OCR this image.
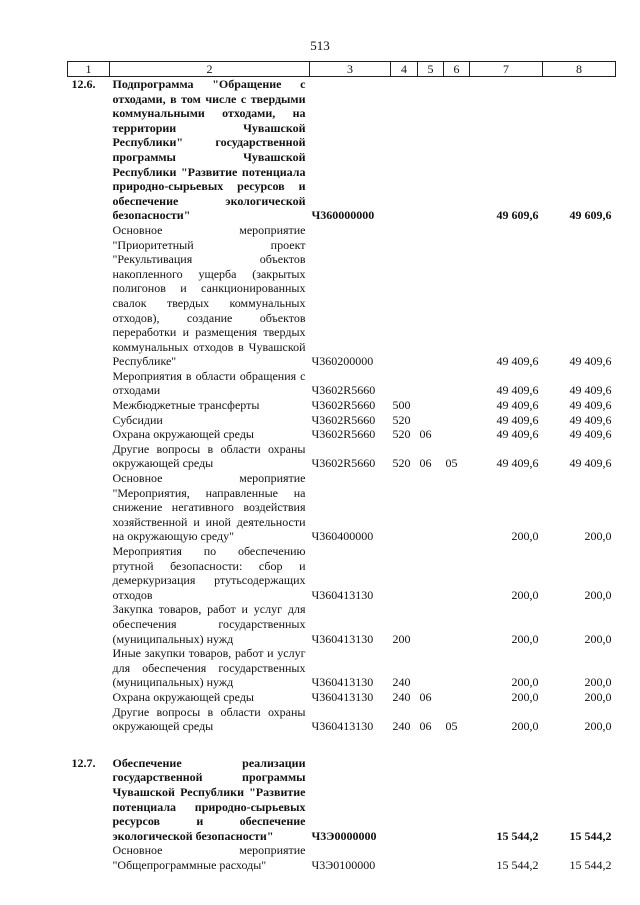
513
1	2	3	4	5	6	7	8
12.6.	Подпрограмма "Обращение с отходами, в том числе с твердыми коммунальными отходами, на территории Чувашской Республики" государственной программы Чувашской Республики "Развитие потенциала природно-сырьевых ресурсов и обеспечение экологической безопасности"	Ч360000000				49 609,6	49 609,6
	Основное мероприятие "Приоритетный проект "Рекультивация объектов накопленного ущерба (закрытых полигонов и санкционированных свалок твердых коммунальных отходов), создание объектов переработки и размещения твердых коммунальных отходов в Чувашской Республике"	Ч360200000				49 409,6	49 409,6
	Мероприятия в области обращения с отходами	Ч3602R5660				49 409,6	49 409,6
	Межбюджетные трансферты	Ч3602R5660	500			49 409,6	49 409,6
	Субсидии	Ч3602R5660	520			49 409,6	49 409,6
	Охрана окружающей среды	Ч3602R5660	520	06		49 409,6	49 409,6
	Другие вопросы в области охраны окружающей среды	Ч3602R5660	520	06	05	49 409,6	49 409,6
	Основное мероприятие "Мероприятия, направленные на снижение негативного воздействия хозяйственной и иной деятельности на окружающую среду"	Ч360400000				200,0	200,0
	Мероприятия по обеспечению ртутной безопасности: сбор и демеркуризация ртутьсодержащих отходов	Ч360413130				200,0	200,0
	Закупка товаров, работ и услуг для обеспечения государственных (муниципальных) нужд	Ч360413130	200			200,0	200,0
	Иные закупки товаров, работ и услуг для обеспечения государственных (муниципальных) нужд	Ч360413130	240			200,0	200,0
	Охрана окружающей среды	Ч360413130	240	06		200,0	200,0
	Другие вопросы в области охраны окружающей среды	Ч360413130	240	06	05	200,0	200,0

12.7.	Обеспечение реализации государственной программы Чувашской Республики "Развитие потенциала природно-сырьевых ресурсов и обеспечение экологической безопасности"	Ч3Э0000000				15 544,2	15 544,2
	Основное мероприятие "Общепрограммные расходы"	Ч3Э0100000				15 544,2	15 544,2
